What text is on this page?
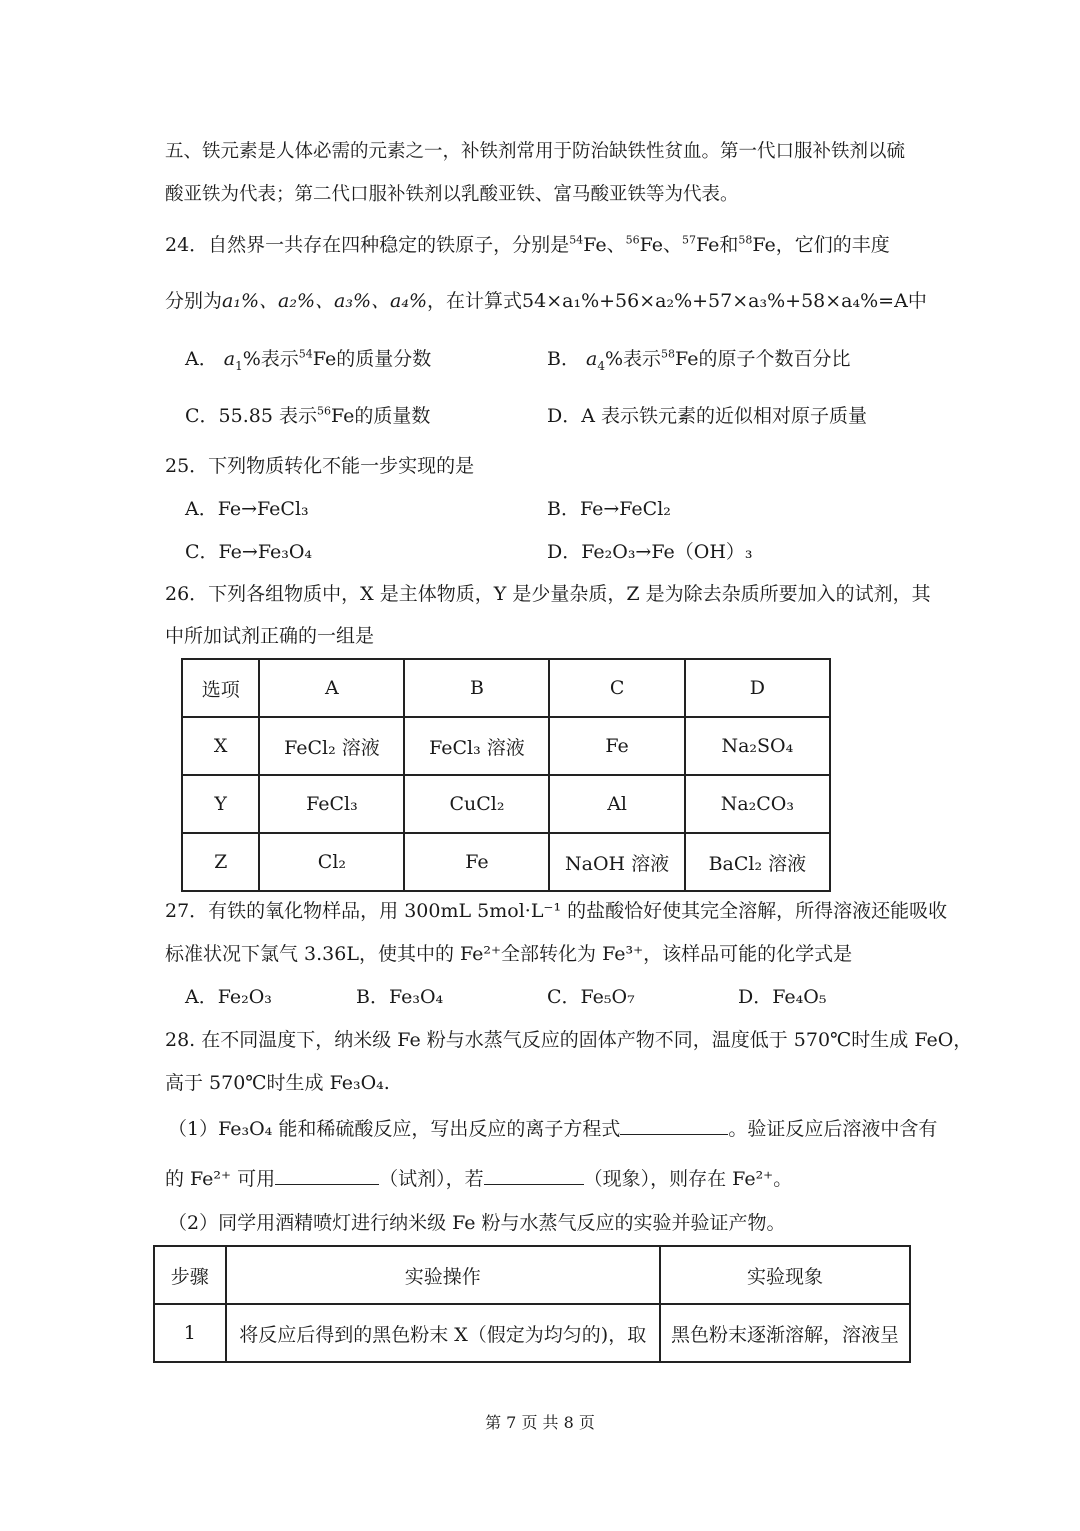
五、铁元素是人体必需的元素之一，补铁剂常用于防治缺铁性贫血。第一代口服补铁剂以硫
酸亚铁为代表；第二代口服补铁剂以乳酸亚铁、富马酸亚铁等为代表。
24．自然界一共存在四种稳定的铁原子，分别是$^{54}$Fe、$^{56}$Fe、$^{57}$Fe和$^{58}$Fe，它们的丰度
分别为a₁%、a₂%、a₃%、a₄%，在计算式54×a₁%+56×a₂%+57×a₃%+58×a₄%=A中
A． $a_1\%$表示$^{54}$Fe的质量分数	B． $a_4\%$表示$^{58}$Fe的原子个数百分比
C．55.85 表示$^{56}$Fe的质量数	D．A 表示铁元素的近似相对原子质量
25．下列物质转化不能一步实现的是
A．Fe→FeCl₃	B．Fe→FeCl₂
C．Fe→Fe₃O₄	D．Fe₂O₃→Fe（OH）₃
26．下列各组物质中，X 是主体物质，Y 是少量杂质，Z 是为除去杂质所要加入的试剂，其
中所加试剂正确的一组是
选项	A	B	C	D
X	FeCl₂ 溶液	FeCl₃ 溶液	Fe	Na₂SO₄
Y	FeCl₃	CuCl₂	Al	Na₂CO₃
Z	Cl₂	Fe	NaOH 溶液	BaCl₂ 溶液
27．有铁的氧化物样品，用 300mL 5mol·L⁻¹ 的盐酸恰好使其完全溶解，所得溶液还能吸收
标准状况下氯气 3.36L，使其中的 Fe²⁺全部转化为 Fe³⁺，该样品可能的化学式是
A．Fe₂O₃	B．Fe₃O₄	C．Fe₅O₇	D．Fe₄O₅
28. 在不同温度下，纳米级 Fe 粉与水蒸气反应的固体产物不同，温度低于 570℃时生成 FeO，
高于 570℃时生成 Fe₃O₄.
（1）Fe₃O₄ 能和稀硫酸反应，写出反应的离子方程式	。验证反应后溶液中含有
的 Fe²⁺ 可用	（试剂），若	（现象），则存在 Fe²⁺。
（2）同学用酒精喷灯进行纳米级 Fe 粉与水蒸气反应的实验并验证产物。
步骤	实验操作	实验现象
1	将反应后得到的黑色粉末 X（假定为均匀的)，取	黑色粉末逐渐溶解，溶液呈
第 7 页 共 8 页
